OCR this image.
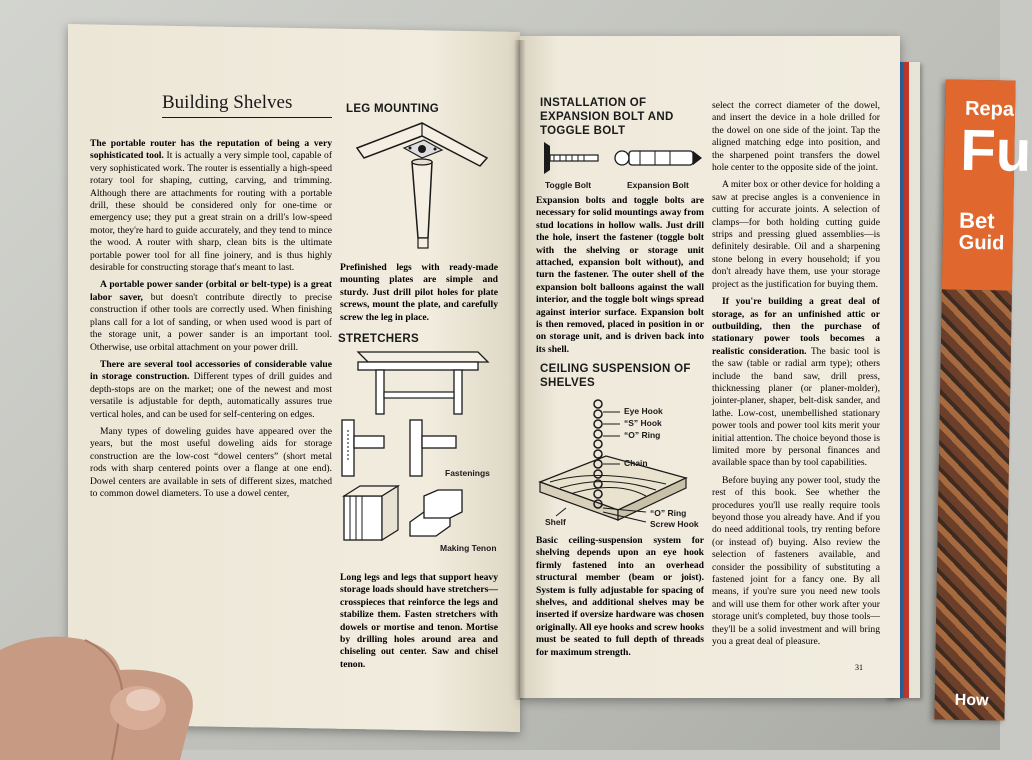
Repa
Fu
Bet
Guid
How
Building Shelves

The portable router has the reputation of being a very sophisticated tool. It is actually a very simple tool, capable of very sophisticated work. The router is essentially a high-speed rotary tool for shaping, cutting, carving, and trimming. Although there are attachments for routing with a portable drill, these should be considered only for one-time or emergency use; they put a great strain on a drill's low-speed motor, they're hard to guide accurately, and they tend to mince the wood. A router with sharp, clean bits is the ultimate portable power tool for all fine joinery, and is thus highly desirable for constructing storage that's meant to last.

A portable power sander (orbital or belt-type) is a great labor saver, but doesn't contribute directly to precise construction if other tools are correctly used. When finishing plans call for a lot of sanding, or when used wood is part of the storage unit, a power sander is an important tool. Otherwise, use orbital attachment on your power drill.

There are several tool accessories of considerable value in storage construction. Different types of drill guides and depth-stops are on the market; one of the newest and most versatile is adjustable for depth, automatically assures true vertical holes, and can be used for self-centering on edges.

Many types of doweling guides have appeared over the years, but the most useful doweling aids for storage construction are the low-cost “dowel centers” (short metal rods with sharp centered points over a flange at one end). Dowel centers are available in sets of different sizes, matched to common dowel diameters. To use a dowel center,

LEG MOUNTING

Prefinished legs with ready-made mounting plates are simple and sturdy. Just drill pilot holes for plate screws, mount the plate, and carefully screw the leg in place.

STRETCHERS
Fastenings
Making Tenon

Long legs and legs that support heavy storage loads should have stretchers—crosspieces that reinforce the legs and stabilize them. Fasten stretchers with dowels or mortise and tenon. Mortise by drilling holes around area and chiseling out center. Saw and chisel tenon.

INSTALLATION OF EXPANSION BOLT AND TOGGLE BOLT
Toggle Bolt	Expansion Bolt

Expansion bolts and toggle bolts are necessary for solid mountings away from stud locations in hollow walls. Just drill the hole, insert the fastener (toggle bolt with the shelving or storage unit attached, expansion bolt without), and turn the fastener. The outer shell of the expansion bolt balloons against the wall interior, and the toggle bolt wings spread against interior surface. Expansion bolt is then removed, placed in position in or on storage unit, and is driven back into its shell.

CEILING SUSPENSION OF SHELVES
Eye Hook
“S” Hook
“O” Ring
Chain
“O” Ring
Screw Hook
Shelf

Basic ceiling-suspension system for shelving depends upon an eye hook firmly fastened into an overhead structural member (beam or joist). System is fully adjustable for spacing of shelves, and additional shelves may be inserted if oversize hardware was chosen originally. All eye hooks and screw hooks must be seated to full depth of threads for maximum strength.

select the correct diameter of the dowel, and insert the device in a hole drilled for the dowel on one side of the joint. Tap the aligned matching edge into position, and the sharpened point transfers the dowel hole center to the opposite side of the joint.

A miter box or other device for holding a saw at precise angles is a convenience in cutting for accurate joints. A selection of clamps—for both holding cutting guide strips and pressing glued assemblies—is definitely desirable. Oil and a sharpening stone belong in every household; if you don't already have them, use your storage project as the justification for buying them.

If you're building a great deal of storage, as for an unfinished attic or outbuilding, then the purchase of stationary power tools becomes a realistic consideration. The basic tool is the saw (table or radial arm type); others include the band saw, drill press, thicknessing planer (or planer-molder), jointer-planer, shaper, belt-disk sander, and lathe. Low-cost, unembellished stationary power tools and power tool kits merit your initial attention. The choice beyond those is limited more by personal finances and available space than by tool capabilities.

Before buying any power tool, study the rest of this book. See whether the procedures you'll use really require tools beyond those you already have. And if you do need additional tools, try renting before (or instead of) buying. Also review the selection of fasteners available, and consider the possibility of substituting a fastened joint for a fancy one. By all means, if you're sure you need new tools and will use them for other work after your storage unit's completed, buy those tools—they'll be a solid investment and will bring you a great deal of pleasure.

31
